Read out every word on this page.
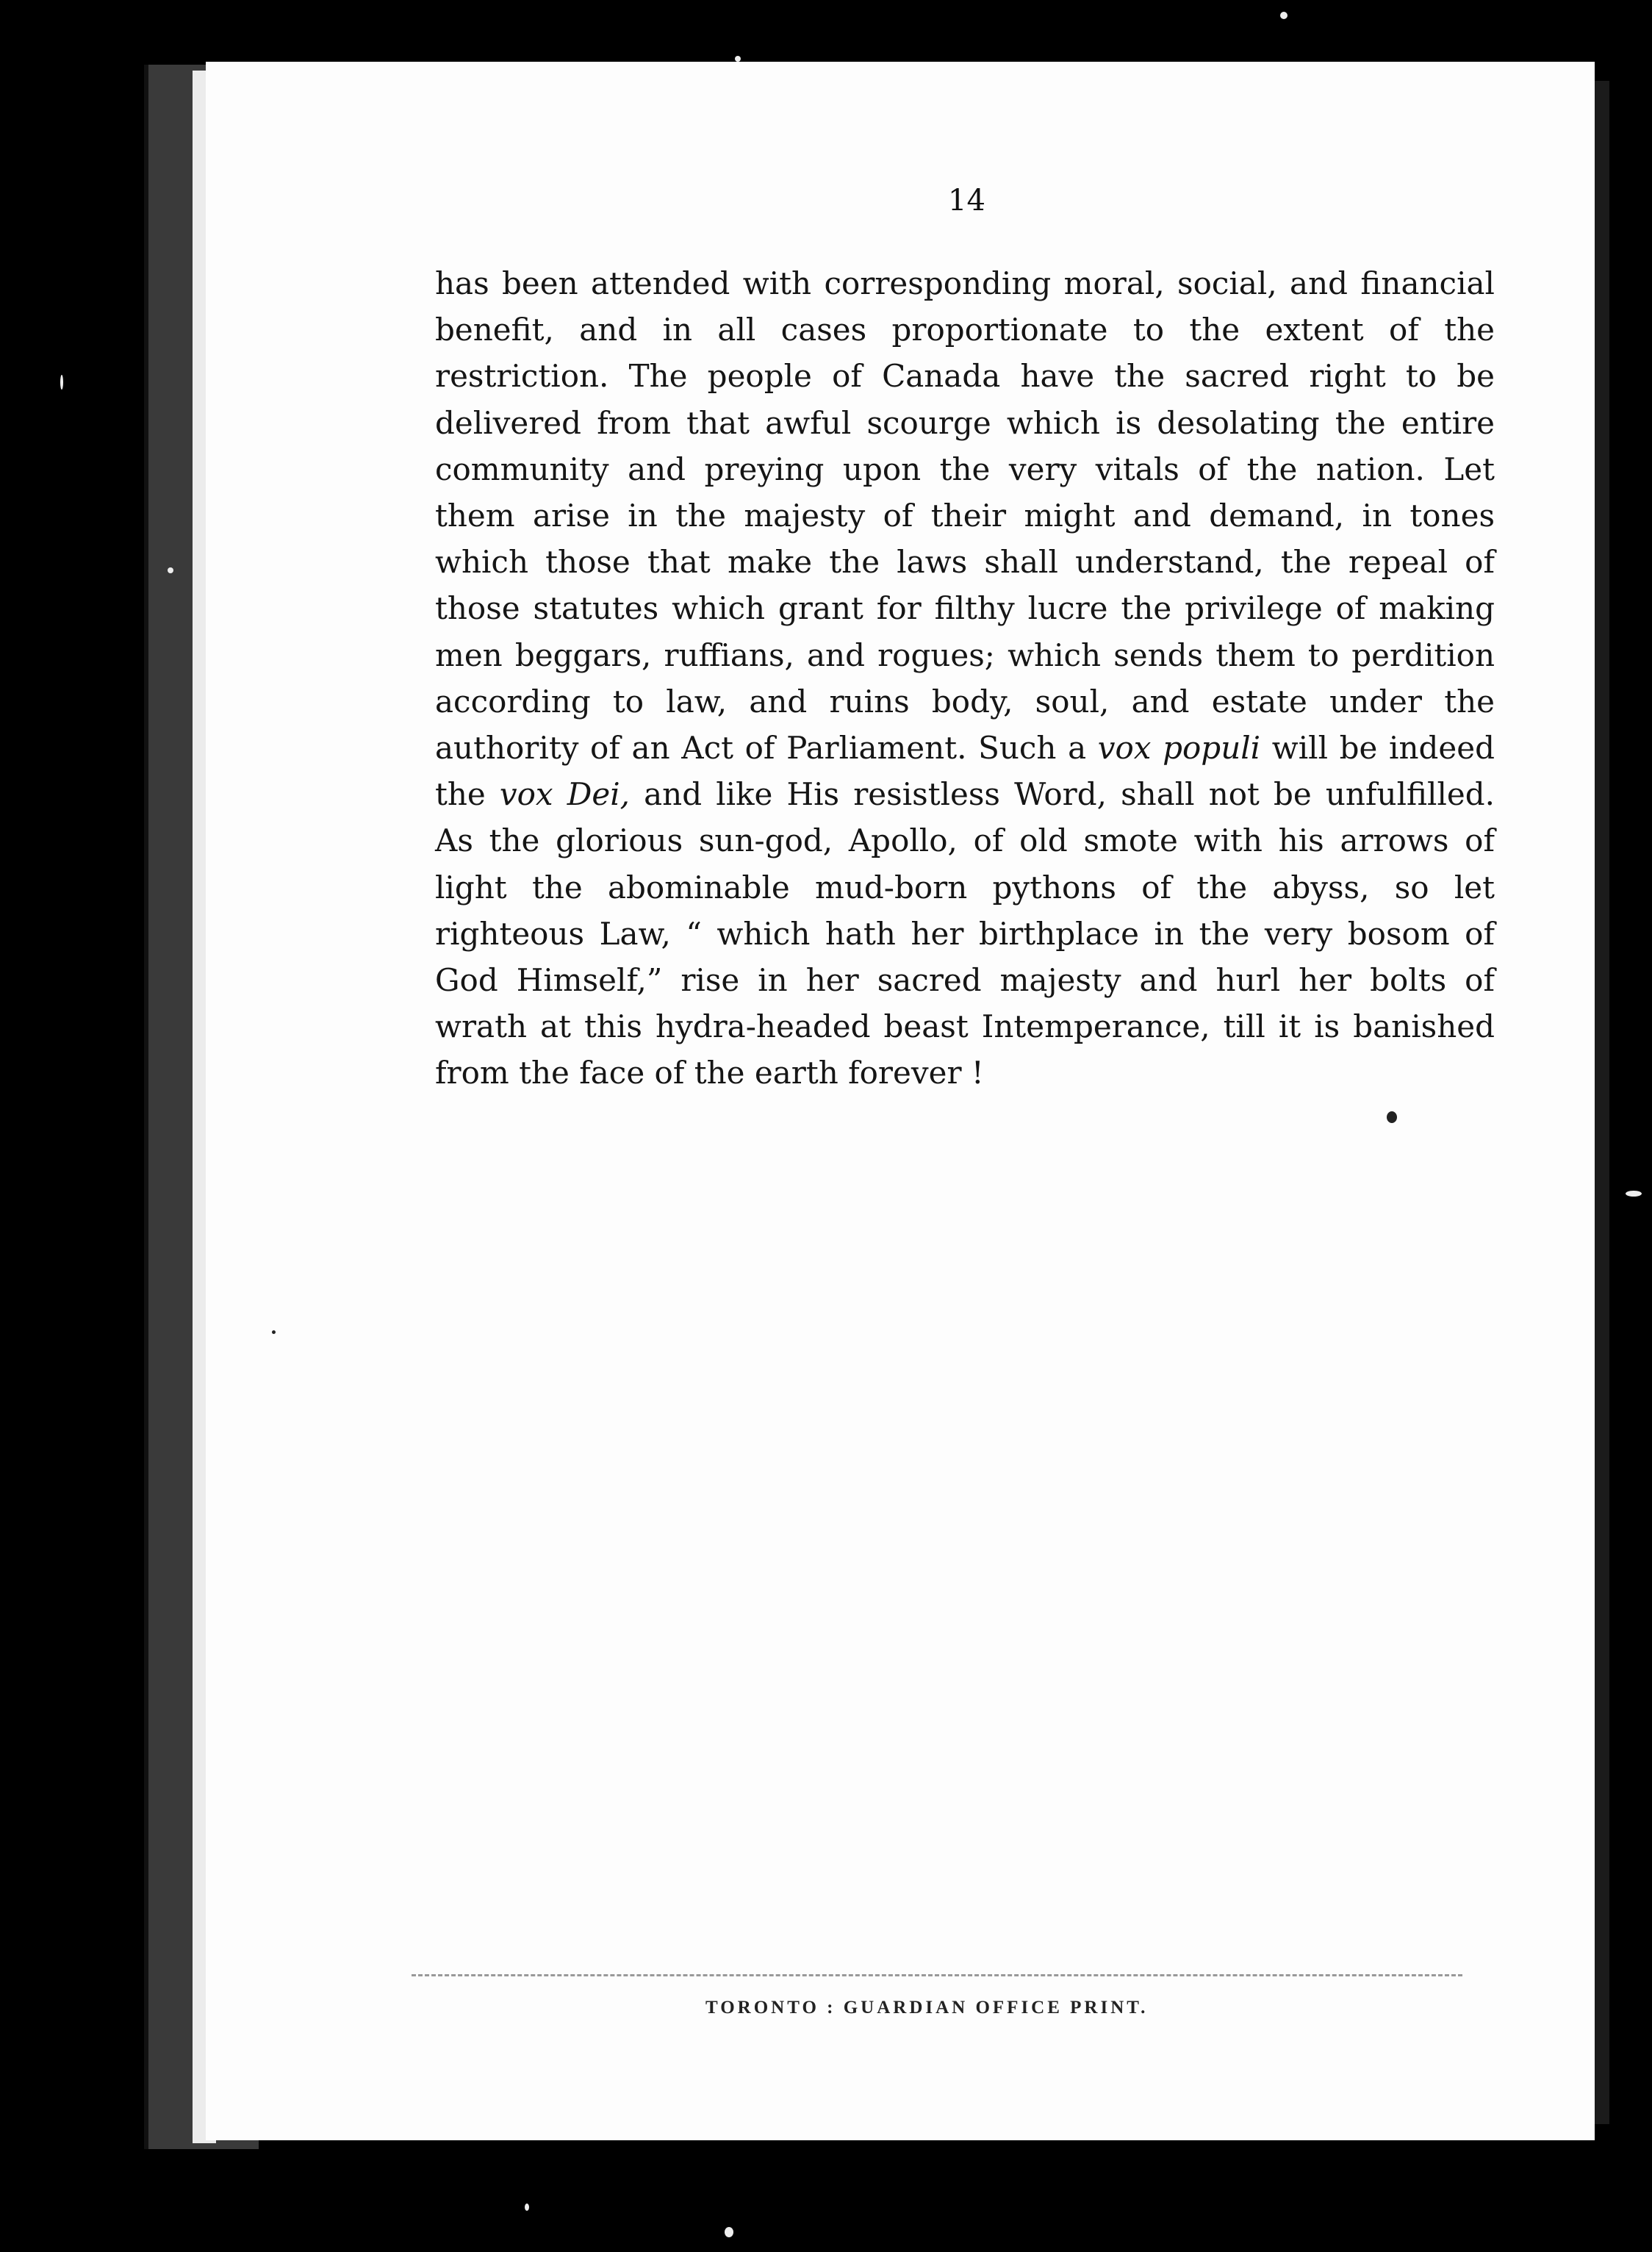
14

has been attended with corresponding moral, social, and financial benefit, and in all cases proportionate to the extent of the restriction. The people of Canada have the sacred right to be delivered from that awful scourge which is desolating the entire community and preying upon the very vitals of the nation. Let them arise in the majesty of their might and demand, in tones which those that make the laws shall understand, the repeal of those statutes which grant for filthy lucre the privilege of making men beggars, ruffians, and rogues; which sends them to perdition according to law, and ruins body, soul, and estate under the authority of an Act of Parliament. Such a vox populi will be indeed the vox Dei, and like His resistless Word, shall not be unfulfilled. As the glorious sun-god, Apollo, of old smote with his arrows of light the abominable mud-born pythons of the abyss, so let righteous Law, “ which hath her birthplace in the very bosom of God Himself,” rise in her sacred majesty and hurl her bolts of wrath at this hydra-headed beast Intemperance, till it is banished from the face of the earth forever !

TORONTO : GUARDIAN OFFICE PRINT.
